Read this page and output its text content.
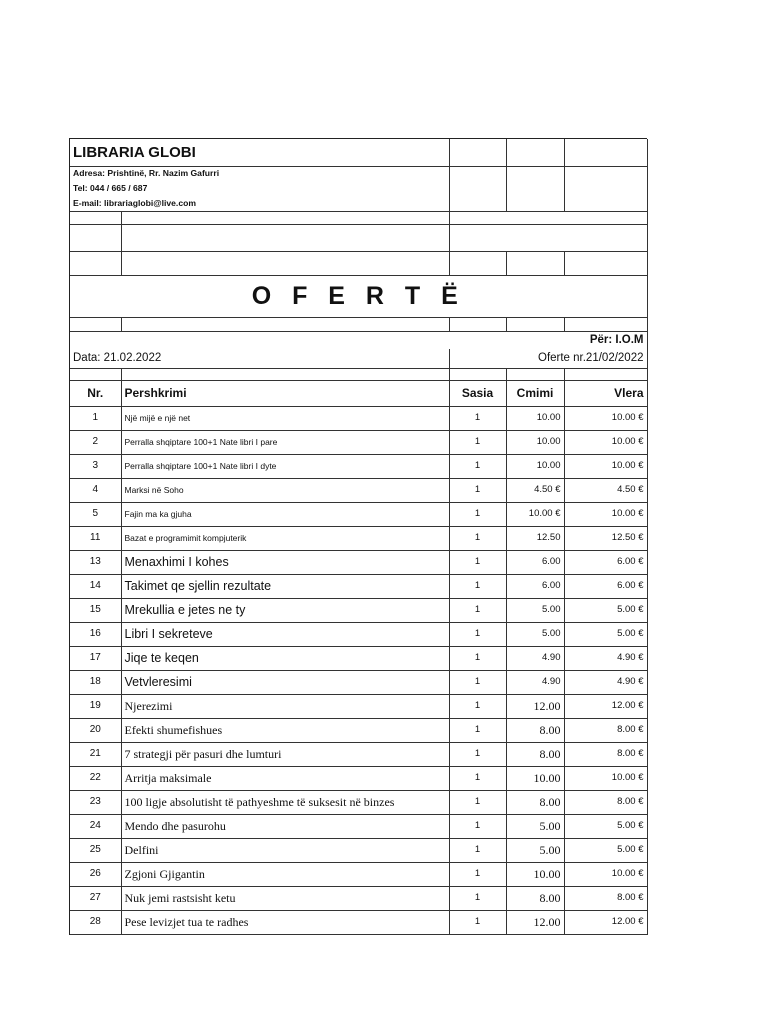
LIBRARIA GLOBI				
Adresa: Prishtinë, Rr. Nazim Gafurri				
Tel: 044 / 665 / 687				
E-mail: librariaglobi@live.com				

O F E R T Ë				

Për: I.O.M				
Data: 21.02.2022		Oferte nr.21/02/2022		

Nr.	Pershkrimi	Sasia	Cmimi	Vlera
1	Një mijë e një net	1	10.00	10.00 €
2	Perralla shqiptare 100+1 Nate libri I pare	1	10.00	10.00 €
3	Perralla shqiptare 100+1 Nate libri I dyte	1	10.00	10.00 €
4	Marksi në Soho	1	4.50 €	4.50 €
5	Fajin ma ka gjuha	1	10.00 €	10.00 €
11	Bazat e programimit kompjuterik	1	12.50	12.50 €
13	Menaxhimi I kohes	1	6.00	6.00 €
14	Takimet qe sjellin rezultate	1	6.00	6.00 €
15	Mrekullia e jetes ne ty	1	5.00	5.00 €
16	Libri I sekreteve	1	5.00	5.00 €
17	Jiqe te keqen	1	4.90	4.90 €
18	Vetvleresimi	1	4.90	4.90 €
19	Njerezimi	1	12.00	12.00 €
20	Efekti shumefishues	1	8.00	8.00 €
21	7 strategji për pasuri dhe lumturi	1	8.00	8.00 €
22	Arritja maksimale	1	10.00	10.00 €
23	100 ligje absolutisht të pathyeshme të suksesit në binzes	1	8.00	8.00 €
24	Mendo dhe pasurohu	1	5.00	5.00 €
25	Delfini	1	5.00	5.00 €
26	Zgjoni Gjigantin	1	10.00	10.00 €
27	Nuk jemi rastsisht ketu	1	8.00	8.00 €
28	Pese levizjet tua te radhes	1	12.00	12.00 €
